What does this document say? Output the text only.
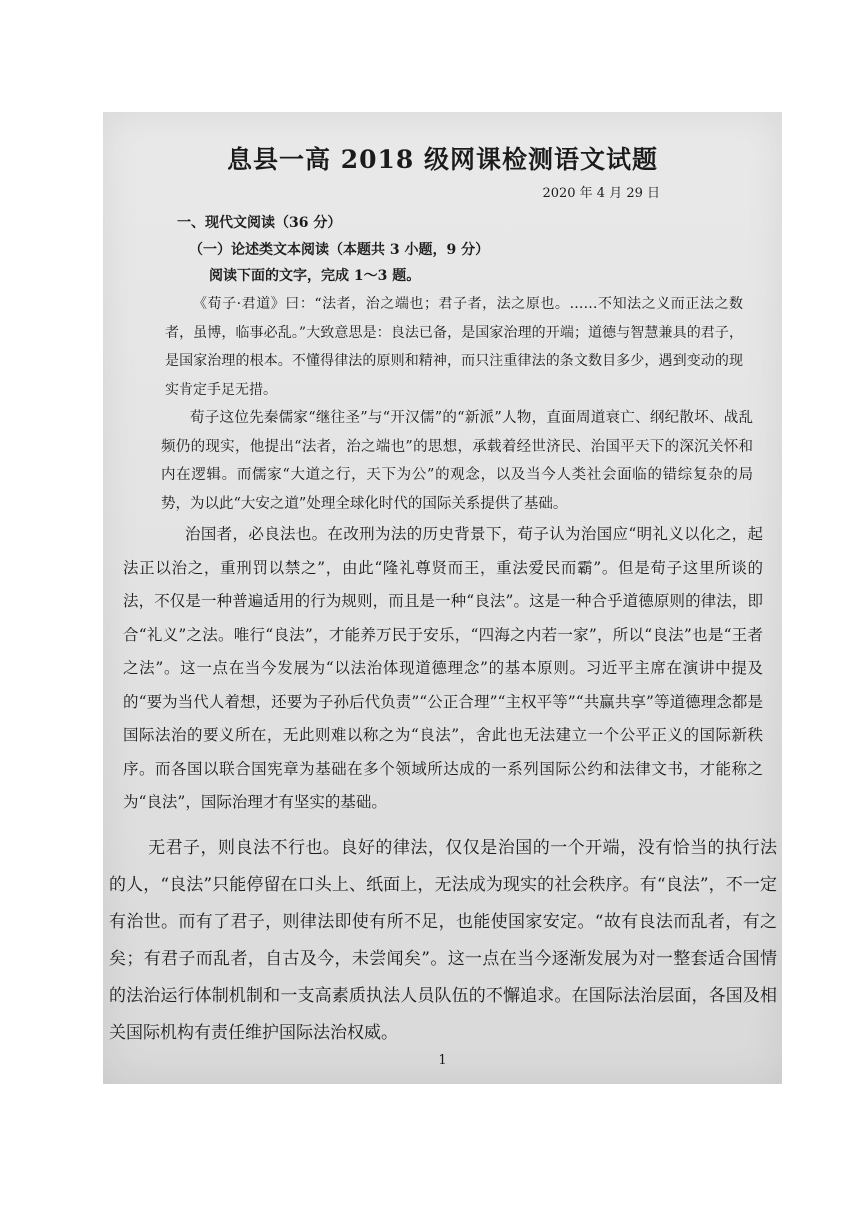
息县一高 2018 级网课检测语文试题
2020 年 4 月 29 日
一、现代文阅读（36 分）
（一）论述类文本阅读（本题共 3 小题，9 分）
阅读下面的文字，完成 1～3 题。

《荀子·君道》曰：“法者，治之端也；君子者，法之原也。……不知法之义而正法之数者，虽博，临事必乱。”大致意思是：良法已备，是国家治理的开端；道德与智慧兼具的君子，是国家治理的根本。不懂得律法的原则和精神，而只注重律法的条文数目多少，遇到变动的现实肯定手足无措。

荀子这位先秦儒家“继往圣”与“开汉儒”的“新派”人物，直面周道衰亡、纲纪散坏、战乱频仍的现实，他提出“法者，治之端也”的思想，承载着经世济民、治国平天下的深沉关怀和内在逻辑。而儒家“大道之行，天下为公”的观念，以及当今人类社会面临的错综复杂的局势，为以此“大安之道”处理全球化时代的国际关系提供了基础。

治国者，必良法也。在改刑为法的历史背景下，荀子认为治国应“明礼义以化之，起法正以治之，重刑罚以禁之”，由此“隆礼尊贤而王，重法爱民而霸”。但是荀子这里所谈的法，不仅是一种普遍适用的行为规则，而且是一种“良法”。这是一种合乎道德原则的律法，即合“礼义”之法。唯行“良法”，才能养万民于安乐，“四海之内若一家”，所以“良法”也是“王者之法”。这一点在当今发展为“以法治体现道德理念”的基本原则。习近平主席在演讲中提及的“要为当代人着想，还要为子孙后代负责”“公正合理”“主权平等”“共赢共享”等道德理念都是国际法治的要义所在，无此则难以称之为“良法”，舍此也无法建立一个公平正义的国际新秩序。而各国以联合国宪章为基础在多个领域所达成的一系列国际公约和法律文书，才能称之为“良法”，国际治理才有坚实的基础。

无君子，则良法不行也。良好的律法，仅仅是治国的一个开端，没有恰当的执行法的人，“良法”只能停留在口头上、纸面上，无法成为现实的社会秩序。有“良法”，不一定有治世。而有了君子，则律法即使有所不足，也能使国家安定。“故有良法而乱者，有之矣；有君子而乱者，自古及今，未尝闻矣”。这一点在当今逐渐发展为对一整套适合国情的法治运行体制机制和一支高素质执法人员队伍的不懈追求。在国际法治层面，各国及相关国际机构有责任维护国际法治权威。

1
